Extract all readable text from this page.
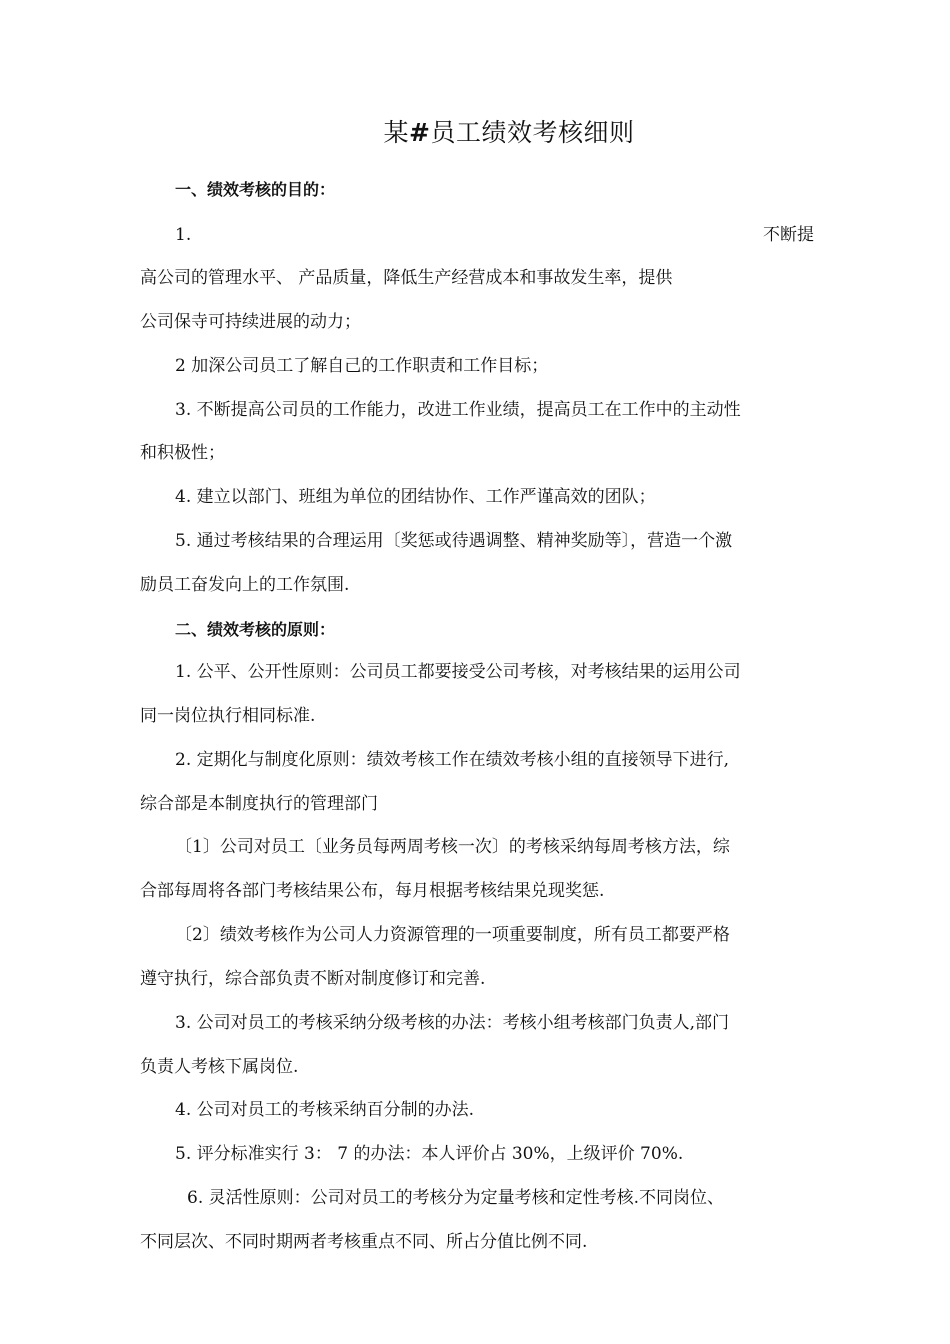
某#员工绩效考核细则
一、绩效考核的目的：
1.	不断提
高公司的管理水平、 产品质量，降低生产经营成本和事故发生率，提供
公司保寺可持续进展的动力；
2 加深公司员工了解自己的工作职责和工作目标；
3. 不断提高公司员的工作能力，改进工作业绩，提高员工在工作中的主动性
和积极性；
4. 建立以部门、班组为单位的团结协作、工作严谨高效的团队；
5. 通过考核结果的合理运用〔奖惩或待遇调整、精神奖励等〕，营造一个激
励员工奋发向上的工作氛围.
二、绩效考核的原则：
1. 公平、公开性原则：公司员工都要接受公司考核，对考核结果的运用公司
同一岗位执行相同标准.
2. 定期化与制度化原则：绩效考核工作在绩效考核小组的直接领导下进行,
综合部是本制度执行的管理部门
〔1〕公司对员工〔业务员每两周考核一次〕的考核采纳每周考核方法，综
合部每周将各部门考核结果公布，每月根据考核结果兑现奖惩.
〔2〕绩效考核作为公司人力资源管理的一项重要制度，所有员工都要严格
遵守执行，综合部负责不断对制度修订和完善.
3. 公司对员工的考核采纳分级考核的办法：考核小组考核部门负责人,部门
负责人考核下属岗位.
4. 公司对员工的考核采纳百分制的办法.
5. 评分标准实行 3： 7 的办法：本人评价占 30%，上级评价 70%.
6. 灵活性原则：公司对员工的考核分为定量考核和定性考核.不同岗位、
不同层次、不同时期两者考核重点不同、所占分值比例不同.
